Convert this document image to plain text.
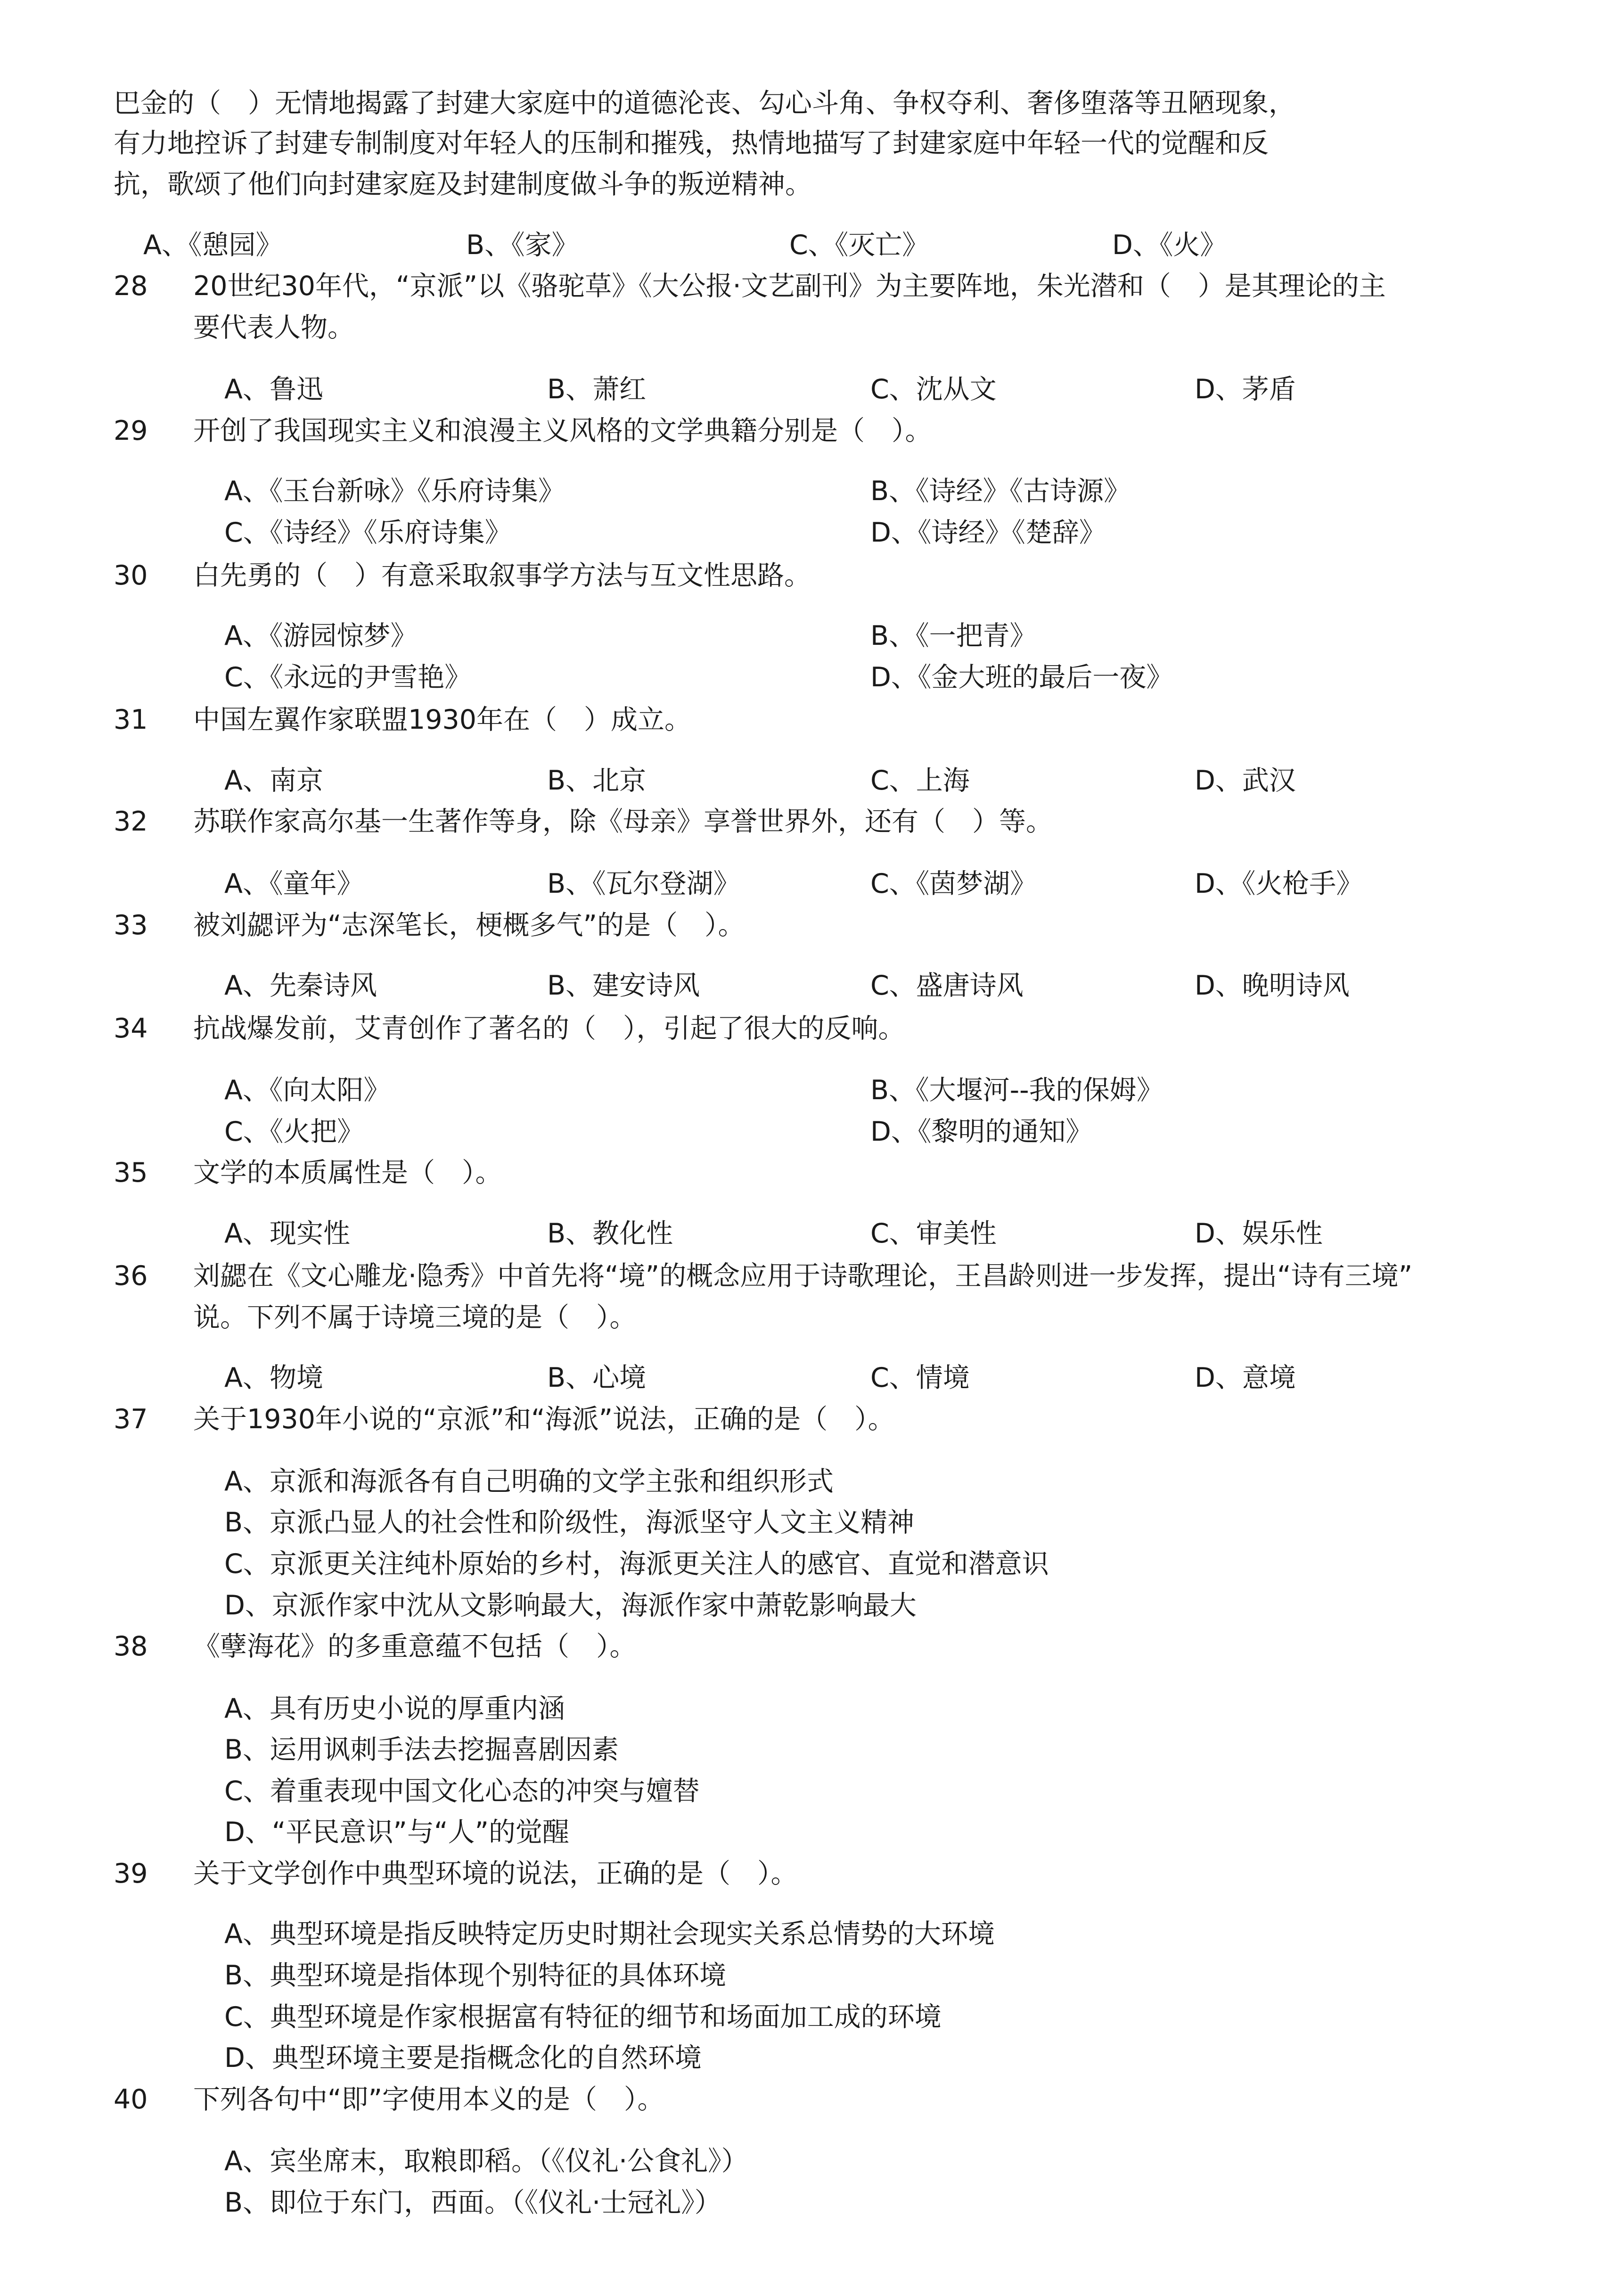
巴金的（　）无情地揭露了封建大家庭中的道德沦丧、勾心斗角、争权夺利、奢侈堕落等丑陋现象，
有力地控诉了封建专制制度对年轻人的压制和摧残，热情地描写了封建家庭中年轻一代的觉醒和反
抗，歌颂了他们向封建家庭及封建制度做斗争的叛逆精神。
A、《憩园》	B、《家》	C、《灭亡》	D、《火》
28 20世纪30年代，“京派”以《骆驼草》《大公报·文艺副刊》为主要阵地，朱光潜和（　）是其理论的主
要代表人物。
A、鲁迅	B、萧红	C、沈从文	D、茅盾
29 开创了我国现实主义和浪漫主义风格的文学典籍分别是（　）。
A、《玉台新咏》《乐府诗集》	B、《诗经》《古诗源》
C、《诗经》《乐府诗集》	D、《诗经》《楚辞》
30 白先勇的（　）有意采取叙事学方法与互文性思路。
A、《游园惊梦》	B、《一把青》
C、《永远的尹雪艳》	D、《金大班的最后一夜》
31 中国左翼作家联盟1930年在（　）成立。
A、南京	B、北京	C、上海	D、武汉
32 苏联作家高尔基一生著作等身，除《母亲》享誉世界外，还有（　）等。
A、《童年》	B、《瓦尔登湖》	C、《茵梦湖》	D、《火枪手》
33 被刘勰评为“志深笔长，梗概多气”的是（　）。
A、先秦诗风	B、建安诗风	C、盛唐诗风	D、晚明诗风
34 抗战爆发前，艾青创作了著名的（　），引起了很大的反响。
A、《向太阳》	B、《大堰河--我的保姆》
C、《火把》	D、《黎明的通知》
35 文学的本质属性是（　）。
A、现实性	B、教化性	C、审美性	D、娱乐性
36 刘勰在《文心雕龙·隐秀》中首先将“境”的概念应用于诗歌理论，王昌龄则进一步发挥，提出“诗有三境”
说。下列不属于诗境三境的是（　）。
A、物境	B、心境	C、情境	D、意境
37 关于1930年小说的“京派”和“海派”说法，正确的是（　）。
A、京派和海派各有自己明确的文学主张和组织形式
B、京派凸显人的社会性和阶级性，海派坚守人文主义精神
C、京派更关注纯朴原始的乡村，海派更关注人的感官、直觉和潜意识
D、京派作家中沈从文影响最大，海派作家中萧乾影响最大
38 《孽海花》的多重意蕴不包括（　）。
A、具有历史小说的厚重内涵
B、运用讽刺手法去挖掘喜剧因素
C、着重表现中国文化心态的冲突与嬗替
D、“平民意识”与“人”的觉醒
39 关于文学创作中典型环境的说法，正确的是（　）。
A、典型环境是指反映特定历史时期社会现实关系总情势的大环境
B、典型环境是指体现个别特征的具体环境
C、典型环境是作家根据富有特征的细节和场面加工成的环境
D、典型环境主要是指概念化的自然环境
40 下列各句中“即”字使用本义的是（　）。
A、宾坐席末，取粮即稻。（《仪礼·公食礼》）
B、即位于东门，西面。（《仪礼·士冠礼》）
